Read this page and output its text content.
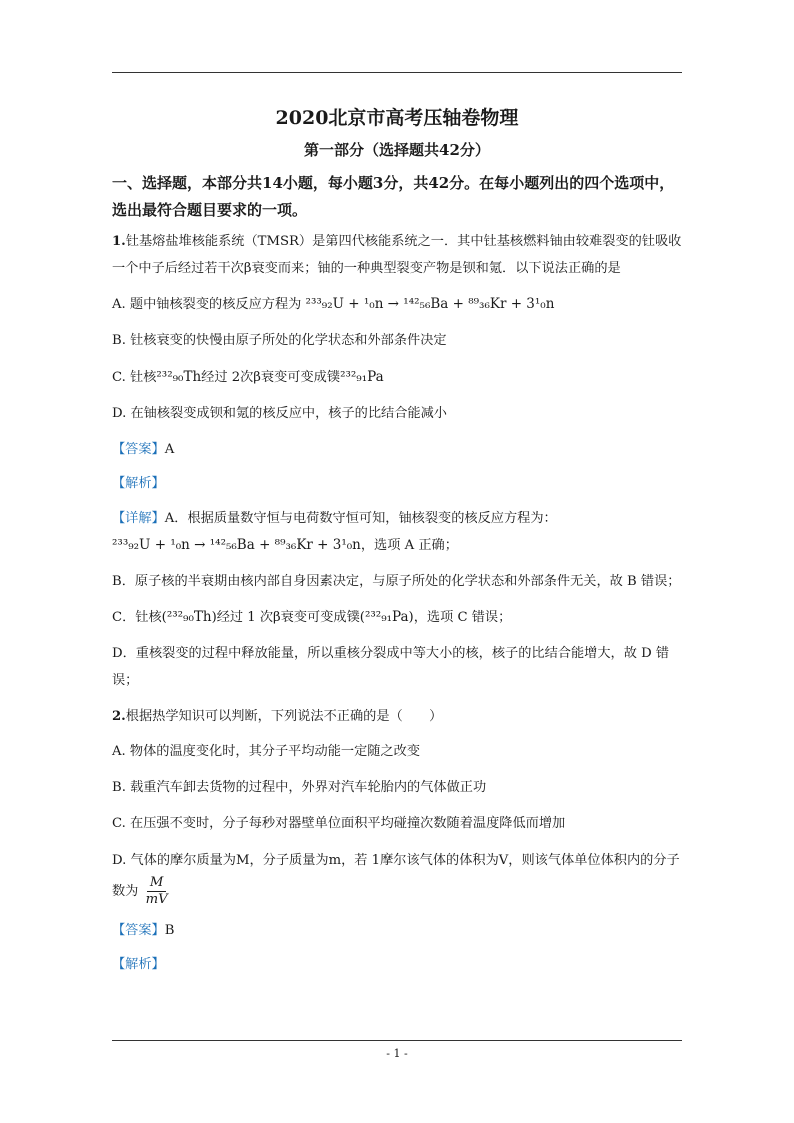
2020北京市高考压轴卷物理
第一部分（选择题共42分）
一、选择题，本部分共14小题，每小题3分，共42分。在每小题列出的四个选项中，选出最符合题目要求的一项。
1.钍基熔盐堆核能系统（TMSR）是第四代核能系统之一．其中钍基核燃料铀由较难裂变的钍吸收一个中子后经过若干次β衰变而来；铀的一种典型裂变产物是钡和氪．以下说法正确的是
A. 题中铀核裂变的核反应方程为 ²³³₉₂U + ¹₀n → ¹⁴²₅₆Ba + ⁸⁹₃₆Kr + 3¹₀n
B. 钍核衰变的快慢由原子所处的化学状态和外部条件决定
C. 钍核²³²₉₀Th经过 2次β衰变可变成镤²³²₉₁Pa
D. 在铀核裂变成钡和氪的核反应中，核子的比结合能减小
【答案】A
【解析】
【详解】A．根据质量数守恒与电荷数守恒可知，铀核裂变的核反应方程为：
²³³₉₂U + ¹₀n → ¹⁴²₅₆Ba + ⁸⁹₃₆Kr + 3¹₀n，选项 A 正确；
B．原子核的半衰期由核内部自身因素决定，与原子所处的化学状态和外部条件无关，故 B 错误；
C．钍核(²³²₉₀Th)经过 1 次β衰变可变成镤(²³²₉₁Pa)，选项 C 错误；
D．重核裂变的过程中释放能量，所以重核分裂成中等大小的核，核子的比结合能增大，故 D 错误；
2.根据热学知识可以判断，下列说法不正确的是（　　）
A. 物体的温度变化时，其分子平均动能一定随之改变
B. 载重汽车卸去货物的过程中，外界对汽车轮胎内的气体做正功
C. 在压强不变时，分子每秒对器壁单位面积平均碰撞次数随着温度降低而增加
D. 气体的摩尔质量为M，分子质量为m，若 1摩尔该气体的体积为V，则该气体单位体积内的分子数为 $\frac{M}{mV}$
【答案】B
【解析】
- 1 -
